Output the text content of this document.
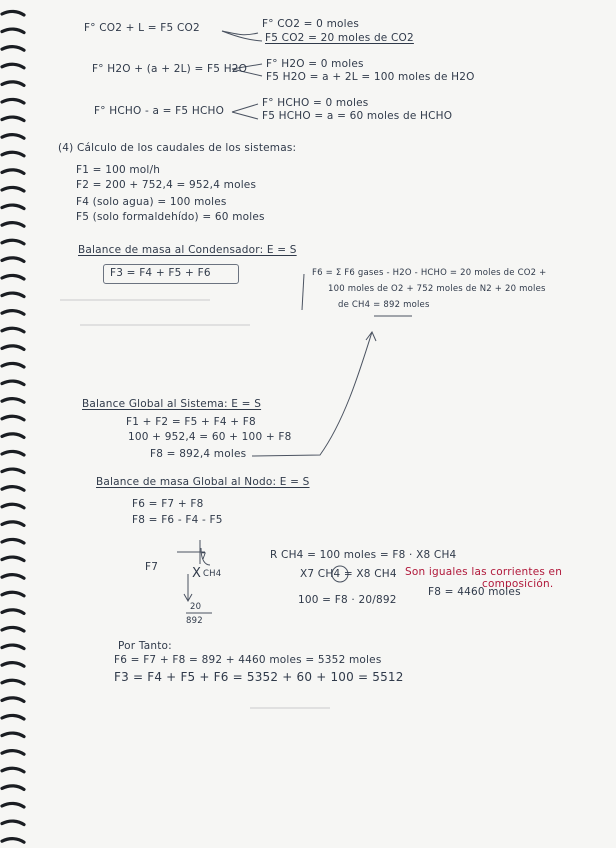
F° CO2 + L = F5 CO2	F° CO2 = 0 moles
F5 CO2 = 20 moles de CO2
F° H2O + (a + 2L) = F5 H2O F° H2O = 0 moles
F5 H2O = a + 2L = 100 moles de H2O
F° HCHO - a = F5 HCHO
F° HCHO = 0 moles
F5 HCHO = a = 60 moles de HCHO
(4) Cálculo de los caudales de los sistemas:
F1 = 100 mol/h
F2 = 200 + 752,4 = 952,4 moles
F4 (solo agua) = 100 moles
F5 (solo formaldehído) = 60 moles
Balance de masa al Condensador: E = S
F3 = F4 + F5 + F6	F6 = Σ F6 gases - H2O - HCHO = 20 moles de CO2 +
100 moles de O2 + 752 moles de N2 + 20 moles
de CH4 = 892 moles
Balance Global al Sistema: E = S
F1 + F2 = F5 + F4 + F8
100 + 952,4 = 60 + 100 + F8
F8 = 892,4 moles
Balance de masa Global al Nodo: E = S
F6 = F7 + F8
F8 = F6 - F4 - F5
F7	X
7
CH4
20
892
R CH4 = 100 moles = F8 · X8 CH4
X7 CH4 = X8 CH4 Son iguales las corrientes en
composición.
100 = F8 · 20/892
F8 = 4460 moles
Por Tanto:
F6 = F7 + F8 = 892 + 4460 moles = 5352 moles
F3 = F4 + F5 + F6 = 5352 + 60 + 100 = 5512
